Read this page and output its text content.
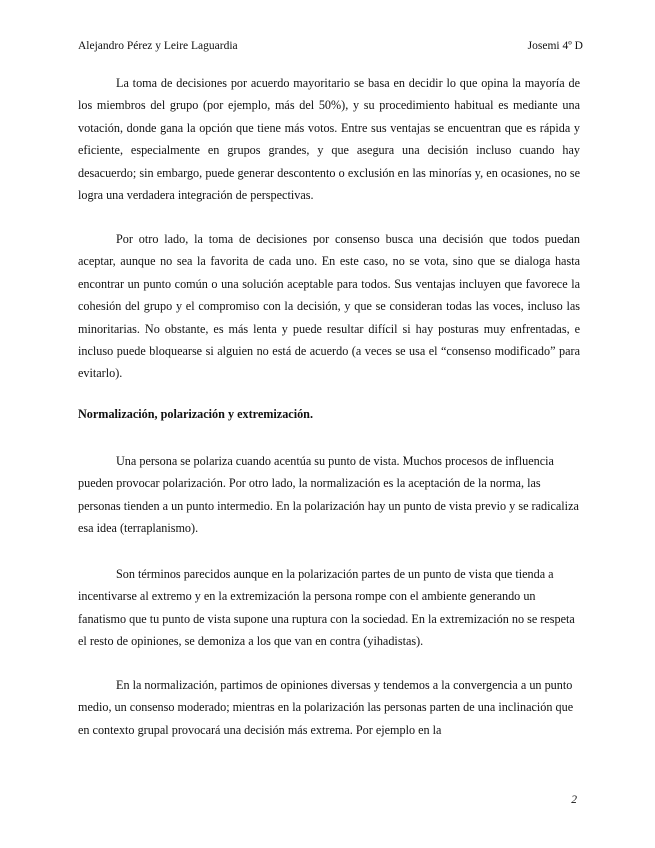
Alejandro Pérez y Leire Laguardia	Josemi 4º D

La toma de decisiones por acuerdo mayoritario se basa en decidir lo que opina la mayoría de los miembros del grupo (por ejemplo, más del 50%), y su procedimiento habitual es mediante una votación, donde gana la opción que tiene más votos. Entre sus ventajas se encuentran que es rápida y eficiente, especialmente en grupos grandes, y que asegura una decisión incluso cuando hay desacuerdo; sin embargo, puede generar descontento o exclusión en las minorías y, en ocasiones, no se logra una verdadera integración de perspectivas.

Por otro lado, la toma de decisiones por consenso busca una decisión que todos puedan aceptar, aunque no sea la favorita de cada uno. En este caso, no se vota, sino que se dialoga hasta encontrar un punto común o una solución aceptable para todos. Sus ventajas incluyen que favorece la cohesión del grupo y el compromiso con la decisión, y que se consideran todas las voces, incluso las minoritarias. No obstante, es más lenta y puede resultar difícil si hay posturas muy enfrentadas, e incluso puede bloquearse si alguien no está de acuerdo (a veces se usa el “consenso modificado” para evitarlo).

Normalización, polarización y extremización.

Una persona se polariza cuando acentúa su punto de vista. Muchos procesos de influencia pueden provocar polarización. Por otro lado, la normalización es la aceptación de la norma, las personas tienden a un punto intermedio. En la polarización hay un punto de vista previo y se radicaliza esa idea (terraplanismo).

Son términos parecidos aunque en la polarización partes de un punto de vista que tienda a incentivarse al extremo y en la extremización la persona rompe con el ambiente generando un fanatismo que tu punto de vista supone una ruptura con la sociedad. En la extremización no se respeta el resto de opiniones, se demoniza a los que van en contra (yihadistas).

En la normalización, partimos de opiniones diversas y tendemos a la convergencia a un punto medio, un consenso moderado; mientras en la polarización las personas parten de una inclinación que en contexto grupal provocará una decisión más extrema. Por ejemplo en la

2
